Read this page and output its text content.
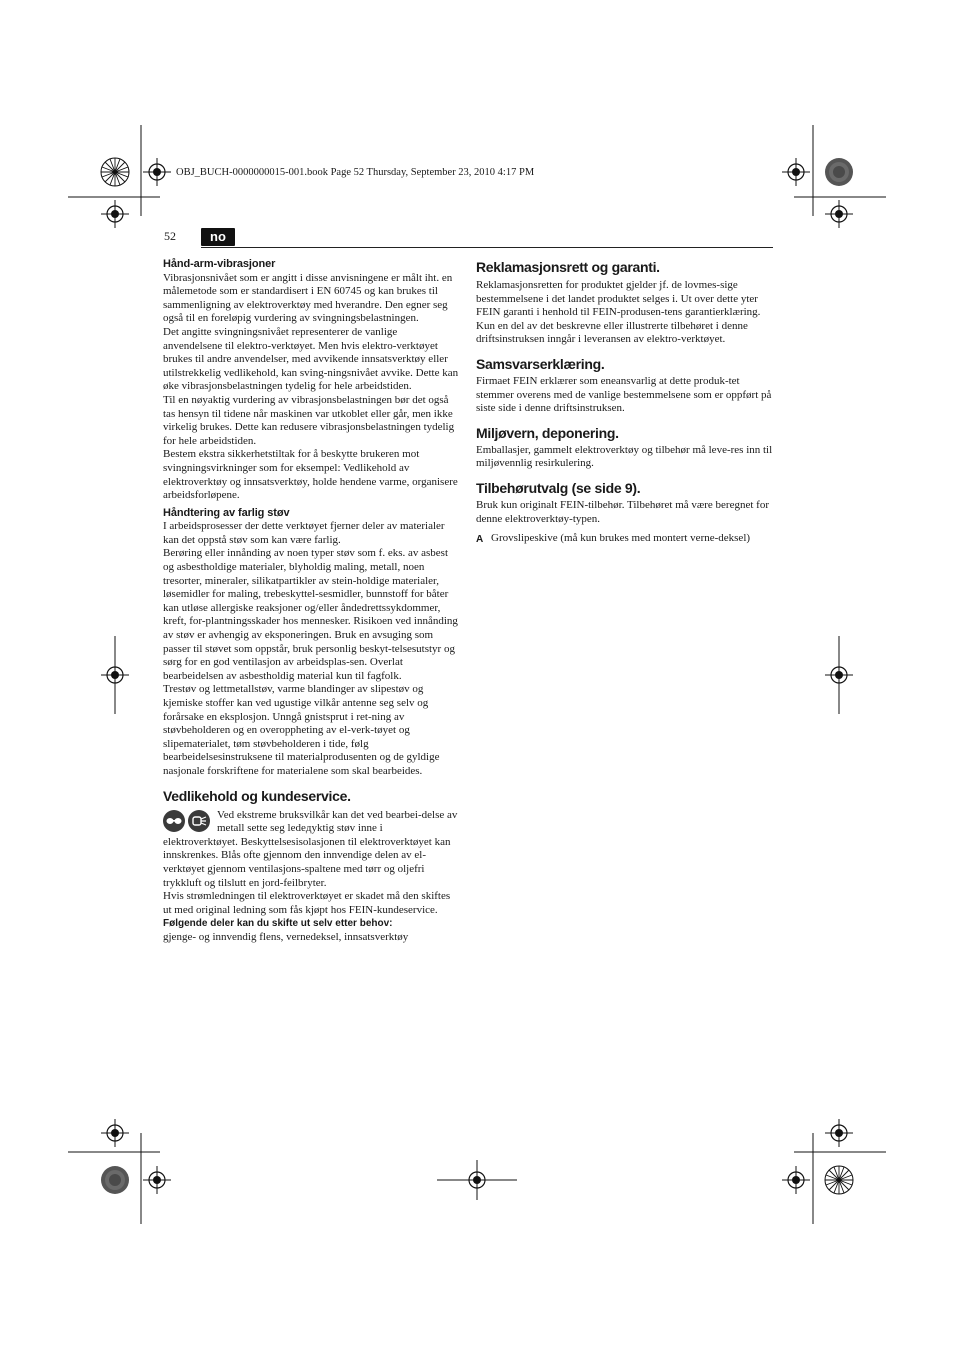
OBJ_BUCH-0000000015-001.book Page 52 Thursday, September 23, 2010 4:17 PM
52	no

Hånd-arm-vibrasjoner

Vibrasjonsnivået som er angitt i disse anvisningene er målt iht. en målemetode som er standardisert i EN 60745 og kan brukes til sammenligning av elektroverktøy med hverandre. Den egner seg også til en foreløpig vurdering av svingningsbelastningen.

Det angitte svingningsnivået representerer de vanlige anvendelsene til elektro-verktøyet. Men hvis elektro-verktøyet brukes til andre anvendelser, med avvikende innsatsverktøy eller utilstrekkelig vedlikehold, kan sving-ningsnivået avvike. Dette kan øke vibrasjonsbelastningen tydelig for hele arbeidstiden.

Til en nøyaktig vurdering av vibrasjonsbelastningen bør det også tas hensyn til tidene når maskinen var utkoblet eller går, men ikke virkelig brukes. Dette kan redusere vibrasjonsbelastningen tydelig for hele arbeidstiden.

Bestem ekstra sikkerhetstiltak for å beskytte brukeren mot svingningsvirkninger som for eksempel: Vedlikehold av elektroverktøy og innsatsverktøy, holde hendene varme, organisere arbeidsforløpene.

Håndtering av farlig støv

I arbeidsprosesser der dette verktøyet fjerner deler av materialer kan det oppstå støv som kan være farlig.

Berøring eller innånding av noen typer støv som f. eks. av asbest og asbestholdige materialer, blyholdig maling, metall, noen tresorter, mineraler, silikatpartikler av stein-holdige materialer, løsemidler for maling, trebeskyttel-sesmidler, bunnstoff for båter kan utløse allergiske reaksjoner og/eller åndedrettssykdommer, kreft, for-plantningsskader hos mennesker. Risikoen ved innånding av støv er avhengig av eksponeringen. Bruk en avsuging som passer til støvet som oppstår, bruk personlig beskyt-telsesutstyr og sørg for en god ventilasjon av arbeidsplas-sen. Overlat bearbeidelsen av asbestholdig material kun til fagfolk.

Trestøv og lettmetallstøv, varme blandinger av slipestøv og kjemiske stoffer kan ved ugustige vilkår antenne seg selv og forårsake en eksplosjon. Unngå gnistsprut i ret-ning av støvbeholderen og en overoppheting av el-verk-tøyet og slipematerialet, tøm støvbeholderen i tide, følg bearbeidelsesinstruksene til materialprodusenten og de gyldige nasjonale forskriftene for materialene som skal bearbeides.

Vedlikehold og kundeservice.

Ved ekstreme bruksvilkår kan det ved bearbei-delse av metall sette seg ledeдyktig støv inne i elektroverktøyet. Beskyttelsesisolasjonen til elektroverktøyet kan innskrenkes. Blås ofte gjennom den innvendige delen av el-verktøyet gjennom ventilasjons-spaltene med tørr og oljefri trykkluft og tilslutt en jord-feilbryter.

Hvis strømledningen til elektroverktøyet er skadet må den skiftes ut med original ledning som fås kjøpt hos FEIN-kundeservice.

Følgende deler kan du skifte ut selv etter behov:

gjenge- og innvendig flens, vernedeksel, innsatsverktøy

Reklamasjonsrett og garanti.

Reklamasjonsretten for produktet gjelder jf. de lovmes-sige bestemmelsene i det landet produktet selges i. Ut over dette yter FEIN garanti i henhold til FEIN-produsen-tens garantierklæring.

Kun en del av det beskrevne eller illustrerte tilbehøret i denne driftsinstruksen inngår i leveransen av elektro-verktøyet.

Samsvarserklæring.

Firmaet FEIN erklærer som eneansvarlig at dette produk-tet stemmer overens med de vanlige bestemmelsene som er oppført på siste side i denne driftsinstruksen.

Miljøvern, deponering.

Emballasjer, gammelt elektroverktøy og tilbehør må leve-res inn til miljøvennlig resirkulering.

Tilbehørutvalg (se side 9).

Bruk kun originalt FEIN-tilbehør. Tilbehøret må være beregnet for denne elektroverktøy-typen.

A Grovslipeskive (må kun brukes med montert verne-deksel)
